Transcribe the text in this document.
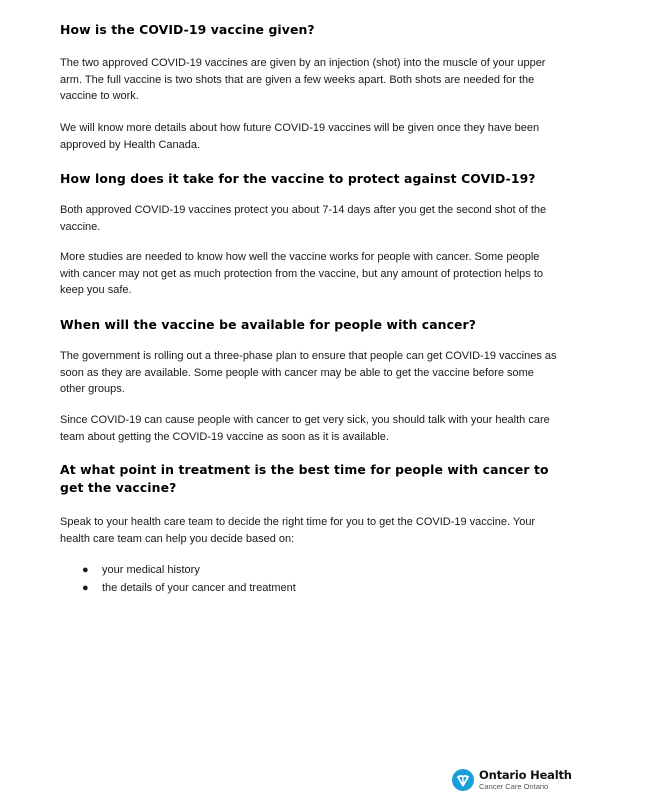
How is the COVID-19 vaccine given?

The two approved COVID-19 vaccines are given by an injection (shot) into the muscle of your upper arm. The full vaccine is two shots that are given a few weeks apart. Both shots are needed for the vaccine to work.

We will know more details about how future COVID-19 vaccines will be given once they have been approved by Health Canada.

How long does it take for the vaccine to protect against COVID-19?

Both approved COVID-19 vaccines protect you about 7-14 days after you get the second shot of the vaccine.

More studies are needed to know how well the vaccine works for people with cancer. Some people with cancer may not get as much protection from the vaccine, but any amount of protection helps to keep you safe.

When will the vaccine be available for people with cancer?

The government is rolling out a three-phase plan to ensure that people can get COVID-19 vaccines as soon as they are available. Some people with cancer may be able to get the vaccine before some other groups.

Since COVID-19 can cause people with cancer to get very sick, you should talk with your health care team about getting the COVID-19 vaccine as soon as it is available.

At what point in treatment is the best time for people with cancer to get the vaccine?

Speak to your health care team to decide the right time for you to get the COVID-19 vaccine. Your health care team can help you decide based on:

● your medical history
● the details of your cancer and treatment
Ontario Health
Cancer Care Ontario
